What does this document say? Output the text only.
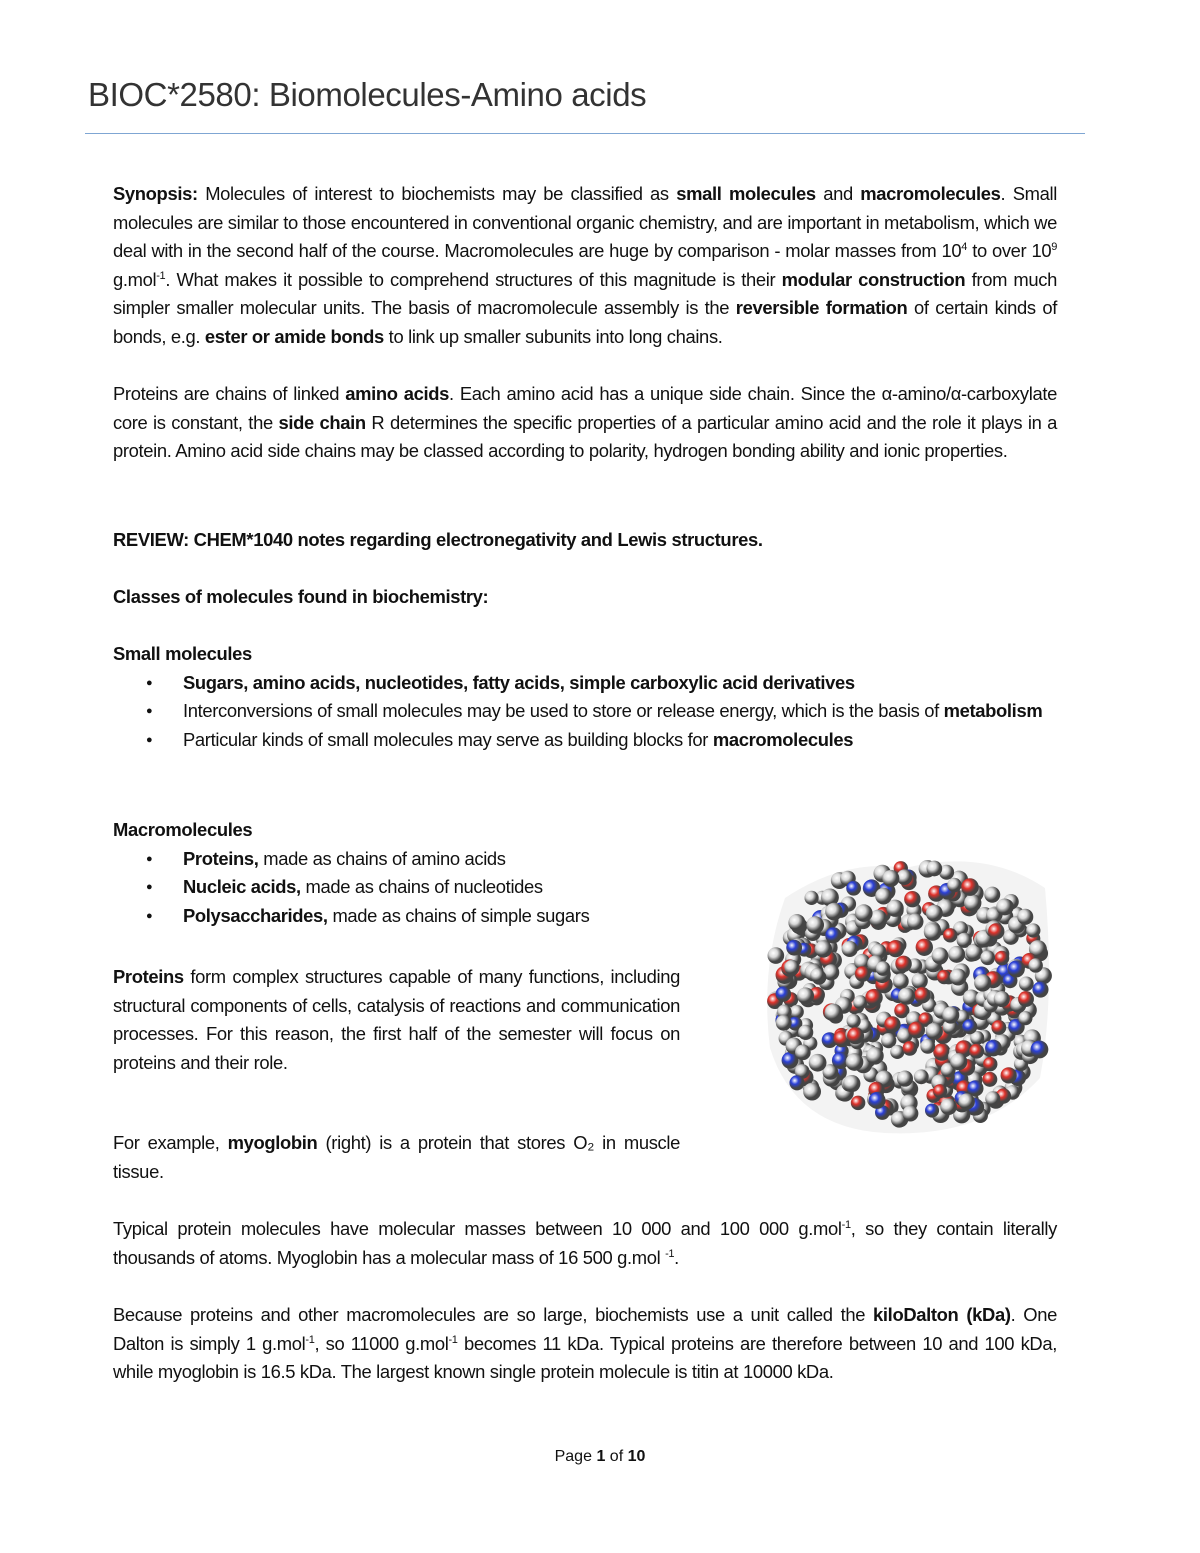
BIOC*2580: Biomolecules-Amino acids
Synopsis: Molecules of interest to biochemists may be classified as small molecules and macromolecules. Small molecules are similar to those encountered in conventional organic chemistry, and are important in metabolism, which we deal with in the second half of the course. Macromolecules are huge by comparison - molar masses from $10^4$ to over $10^9$ g.mol$^{-1}$. What makes it possible to comprehend structures of this magnitude is their modular construction from much simpler smaller molecular units. The basis of macromolecule assembly is the reversible formation of certain kinds of bonds, e.g. ester or amide bonds to link up smaller subunits into long chains.
Proteins are chains of linked amino acids. Each amino acid has a unique side chain. Since the α-amino/α-carboxylate core is constant, the side chain R determines the specific properties of a particular amino acid and the role it plays in a protein. Amino acid side chains may be classed according to polarity, hydrogen bonding ability and ionic properties.
REVIEW: CHEM*1040 notes regarding electronegativity and Lewis structures.
Classes of molecules found in biochemistry:
Small molecules
● Sugars, amino acids, nucleotides, fatty acids, simple carboxylic acid derivatives
● Interconversions of small molecules may be used to store or release energy, which is the basis of metabolism
● Particular kinds of small molecules may serve as building blocks for macromolecules
Macromolecules
● Proteins, made as chains of amino acids
● Nucleic acids, made as chains of nucleotides
● Polysaccharides, made as chains of simple sugars
Proteins form complex structures capable of many functions, including structural components of cells, catalysis of reactions and communication processes. For this reason, the first half of the semester will focus on proteins and their role.
For example, myoglobin (right) is a protein that stores O₂ in muscle tissue.
Typical protein molecules have molecular masses between 10 000 and 100 000 g.mol$^{-1}$, so they contain literally thousands of atoms. Myoglobin has a molecular mass of 16 500 g.mol $^{-1}$.
Because proteins and other macromolecules are so large, biochemists use a unit called the kiloDalton (kDa). One Dalton is simply 1 g.mol$^{-1}$, so 11000 g.mol$^{-1}$ becomes 11 kDa. Typical proteins are therefore between 10 and 100 kDa, while myoglobin is 16.5 kDa. The largest known single protein molecule is titin at 10000 kDa.
Page 1 of 10
